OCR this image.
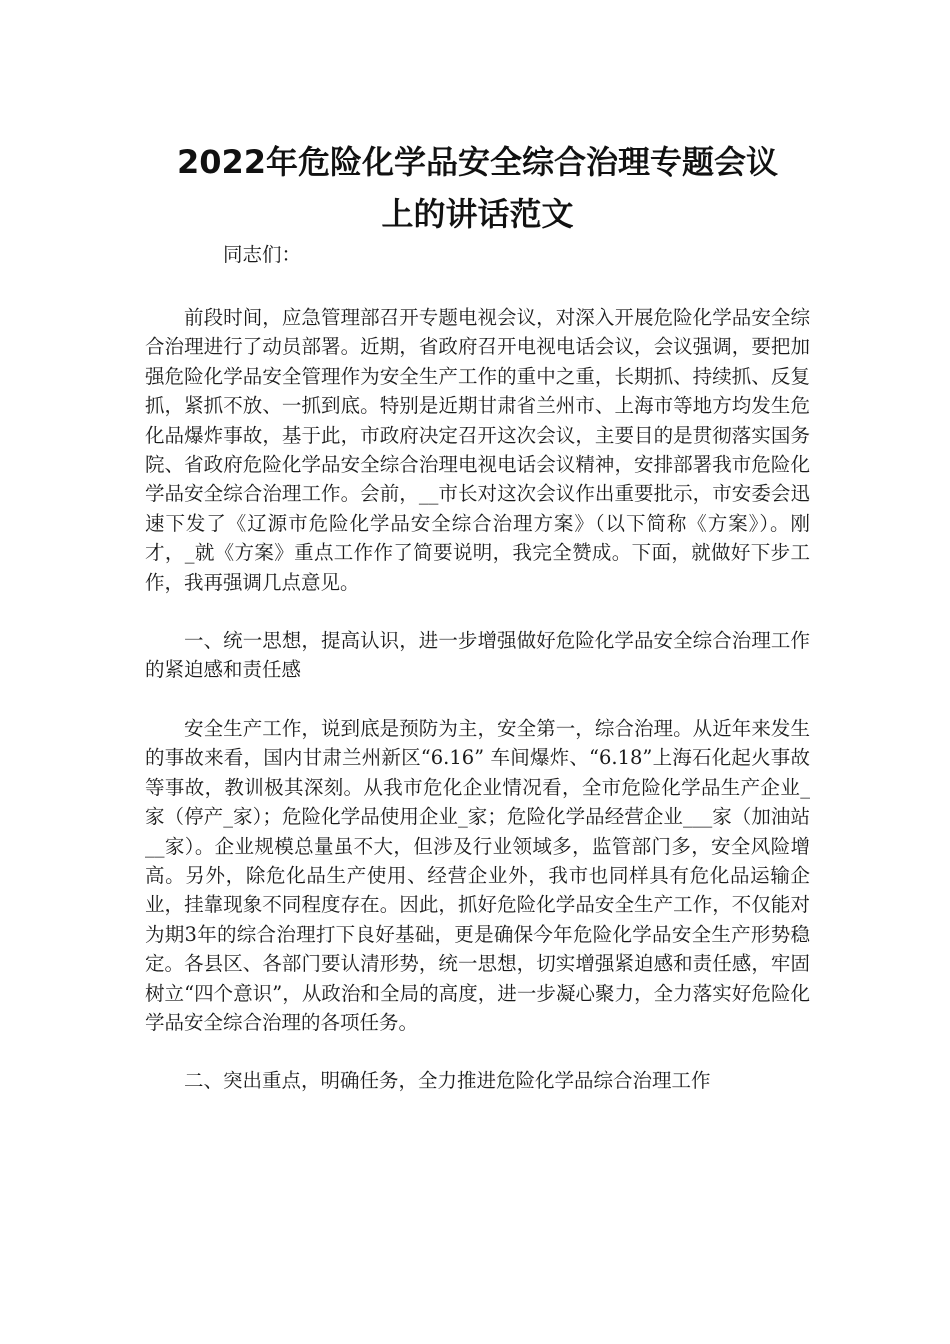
2022年危险化学品安全综合治理专题会议
上的讲话范文

同志们：

前段时间，应急管理部召开专题电视会议，对深入开展危险化学品安全综合治理进行了动员部署。近期，省政府召开电视电话会议，会议强调，要把加强危险化学品安全管理作为安全生产工作的重中之重，长期抓、持续抓、反复抓，紧抓不放、一抓到底。特别是近期甘肃省兰州市、上海市等地方均发生危化品爆炸事故，基于此，市政府决定召开这次会议，主要目的是贯彻落实国务院、省政府危险化学品安全综合治理电视电话会议精神，安排部署我市危险化学品安全综合治理工作。会前，__市长对这次会议作出重要批示，市安委会迅速下发了《辽源市危险化学品安全综合治理方案》（以下简称《方案》）。刚才，_就《方案》重点工作作了简要说明，我完全赞成。下面，就做好下步工作，我再强调几点意见。

一、统一思想，提高认识，进一步增强做好危险化学品安全综合治理工作的紧迫感和责任感

安全生产工作，说到底是预防为主，安全第一，综合治理。从近年来发生的事故来看，国内甘肃兰州新区“6.16” 车间爆炸、“6.18”上海石化起火事故等事故，教训极其深刻。从我市危化企业情况看，全市危险化学品生产企业_家（停产_家）；危险化学品使用企业_家；危险化学品经营企业___家（加油站__家）。企业规模总量虽不大，但涉及行业领域多，监管部门多，安全风险增高。另外，除危化品生产使用、经营企业外，我市也同样具有危化品运输企业，挂靠现象不同程度存在。因此，抓好危险化学品安全生产工作，不仅能对为期3年的综合治理打下良好基础，更是确保今年危险化学品安全生产形势稳定。各县区、各部门要认清形势，统一思想，切实增强紧迫感和责任感，牢固树立“四个意识”，从政治和全局的高度，进一步凝心聚力，全力落实好危险化学品安全综合治理的各项任务。

二、突出重点，明确任务，全力推进危险化学品综合治理工作
